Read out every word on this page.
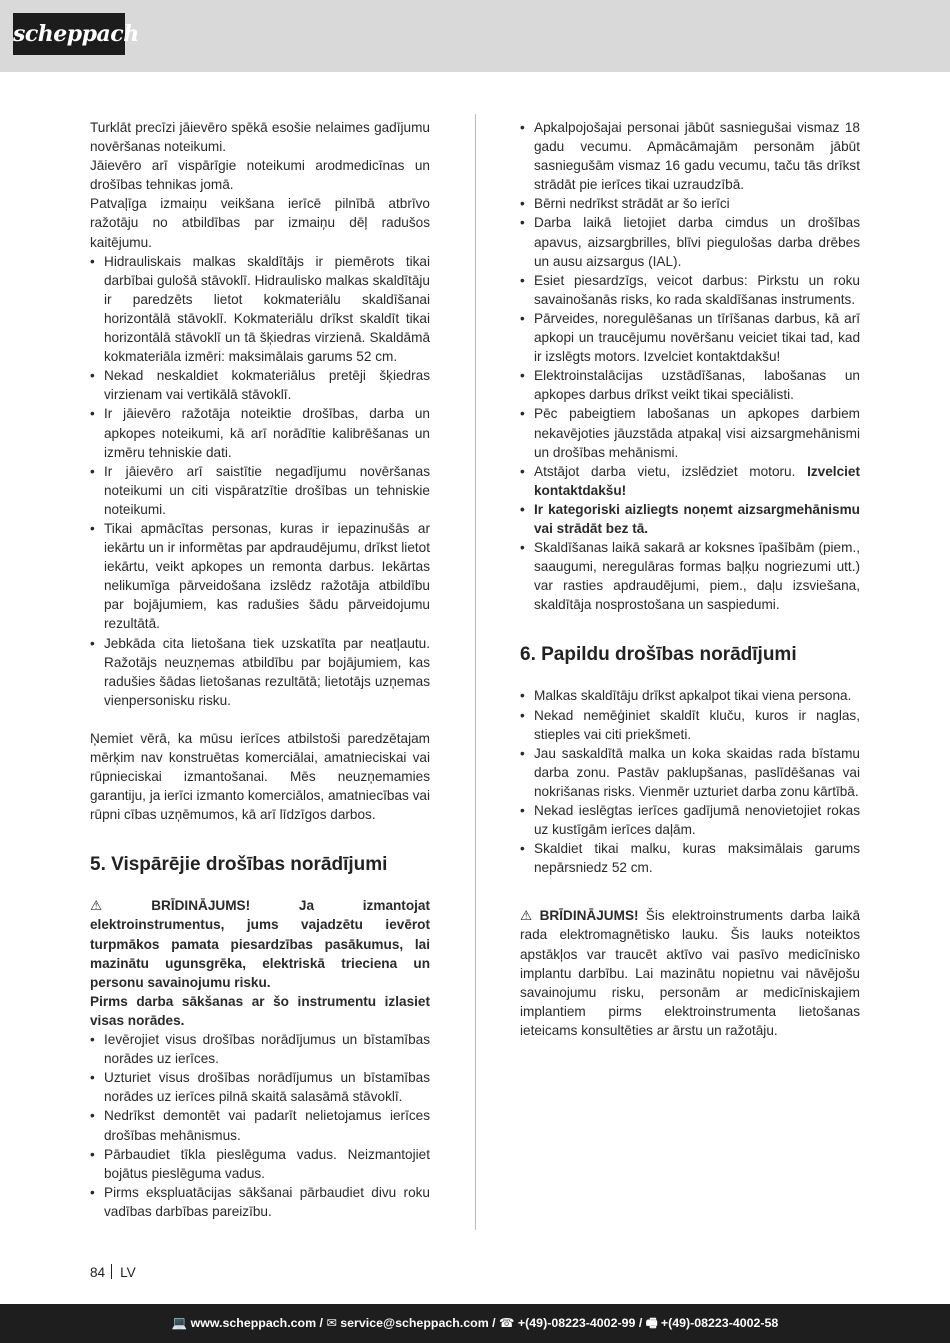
scheppach

Turklāt precīzi jāievēro spēkā esošie nelaimes gadījumu novēršanas noteikumi.

Jāievēro arī vispārīgie noteikumi arodmedicīnas un drošības tehnikas jomā.

Patvaļīga izmaiņu veikšana ierīcē pilnībā atbrīvo ražotāju no atbildības par izmaiņu dēļ radušos kaitējumu.

• Hidrauliskais malkas skaldītājs ir piemērots tikai darbībai gulošā stāvoklī. Hidraulisko malkas skaldītāju ir paredzēts lietot kokmateriālu skaldīšanai horizontālā stāvoklī. Kokmateriālu drīkst skaldīt tikai horizontālā stāvoklī un tā šķiedras virzienā. Skaldāmā kokmateriāla izmēri: maksimālais garums 52 cm.
• Nekad neskaldiet kokmateriālus pretēji šķiedras virzienam vai vertikālā stāvoklī.
• Ir jāievēro ražotāja noteiktie drošības, darba un apkopes noteikumi, kā arī norādītie kalibrēšanas un izmēru tehniskie dati.
• Ir jāievēro arī saistītie negadījumu novēršanas noteikumi un citi vispāratzītie drošības un tehniskie noteikumi.
• Tikai apmācītas personas, kuras ir iepazinušās ar iekārtu un ir informētas par apdraudējumu, drīkst lietot iekārtu, veikt apkopes un remonta darbus. Iekārtas nelikumīga pārveidošana izslēdz ražotāja atbildību par bojājumiem, kas radušies šādu pārveidojumu rezultātā.
• Jebkāda cita lietošana tiek uzskatīta par neatļautu. Ražotājs neuzņemas atbildību par bojājumiem, kas radušies šādas lietošanas rezultātā; lietotājs uzņemas vienpersonisku risku.

Ņemiet vērā, ka mūsu ierīces atbilstoši paredzētajam mērķim nav konstruētas komerciālai, amatnieciskai vai rūpnieciskai izmantošanai. Mēs neuzņemamies garantiju, ja ierīci izmanto komerciālos, amatniecības vai rūpni cības uzņēmumos, kā arī līdzīgos darbos.

5. Vispārējie drošības norādījumi

⚠ BRĪDINĀJUMS! Ja izmantojat elektroinstrumentus, jums vajadzētu ievērot turpmākos pamata piesardzības pasākumus, lai mazinātu ugunsgrēka, elektriskā trieciena un personu savainojumu risku.

Pirms darba sākšanas ar šo instrumentu izlasiet visas norādes.

• Ievērojiet visus drošības norādījumus un bīstamības norādes uz ierīces.
• Uzturiet visus drošības norādījumus un bīstamības norādes uz ierīces pilnā skaitā salasāmā stāvoklī.
• Nedrīkst demontēt vai padarīt nelietojamus ierīces drošības mehānismus.
• Pārbaudiet tīkla pieslēguma vadus. Neizmantojiet bojātus pieslēguma vadus.
• Pirms ekspluatācijas sākšanai pārbaudiet divu roku vadības darbības pareizību.
• Apkalpojošajai personai jābūt sasniegušai vismaz 18 gadu vecumu. Apmācāmajām personām jābūt sasniegušām vismaz 16 gadu vecumu, taču tās drīkst strādāt pie ierīces tikai uzraudzībā.
• Bērni nedrīkst strādāt ar šo ierīci
• Darba laikā lietojiet darba cimdus un drošības apavus, aizsargbrilles, blīvi piegulošas darba drēbes un ausu aizsargus (IAL).
• Esiet piesardzīgs, veicot darbus: Pirkstu un roku savainošanās risks, ko rada skaldīšanas instruments.
• Pārveides, noregulēšanas un tīrīšanas darbus, kā arī apkopi un traucējumu novēršanu veiciet tikai tad, kad ir izslēgts motors. Izvelciet kontaktdakšu!
• Elektroinstalācijas uzstādīšanas, labošanas un apkopes darbus drīkst veikt tikai speciālisti.
• Pēc pabeigtiem labošanas un apkopes darbiem nekavējoties jāuzstāda atpakaļ visi aizsargmehānismi un drošības mehānismi.
• Atstājot darba vietu, izslēdziet motoru. Izvelciet kontaktdakšu!
• Ir kategoriski aizliegts noņemt aizsargmehānismu vai strādāt bez tā.
• Skaldīšanas laikā sakarā ar koksnes īpašībām (piem., saaugumi, neregulāras formas baļķu nogriezumi utt.) var rasties apdraudējumi, piem., daļu izsviešana, skaldītāja nosprostošana un saspiedumi.
6. Papildu drošības norādījumi
• Malkas skaldītāju drīkst apkalpot tikai viena persona.
• Nekad nemēģiniet skaldīt kluču, kuros ir naglas, stieples vai citi priekšmeti.
• Jau saskaldītā malka un koka skaidas rada bīstamu darba zonu. Pastāv paklupšanas, paslīdēšanas vai nokrišanas risks. Vienmēr uzturiet darba zonu kārtībā.
• Nekad ieslēgtas ierīces gadījumā nenovietojiet rokas uz kustīgām ierīces daļām.
• Skaldiet tikai malku, kuras maksimālais garums nepārsniedz 52 cm.

⚠ BRĪDINĀJUMS! Šis elektroinstruments darba laikā rada elektromagnētisko lauku. Šis lauks noteiktos apstākļos var traucēt aktīvo vai pasīvo medicīnisko implantu darbību. Lai mazinātu nopietnu vai nāvējošu savainojumu risku, personām ar medicīniskajiem implantiem pirms elektroinstrumenta lietošanas ieteicams konsultēties ar ārstu un ražotāju.

84 LV
💻 www.scheppach.com / ✉ service@scheppach.com / ☎ +(49)-08223-4002-99 / 🖷 +(49)-08223-4002-58
